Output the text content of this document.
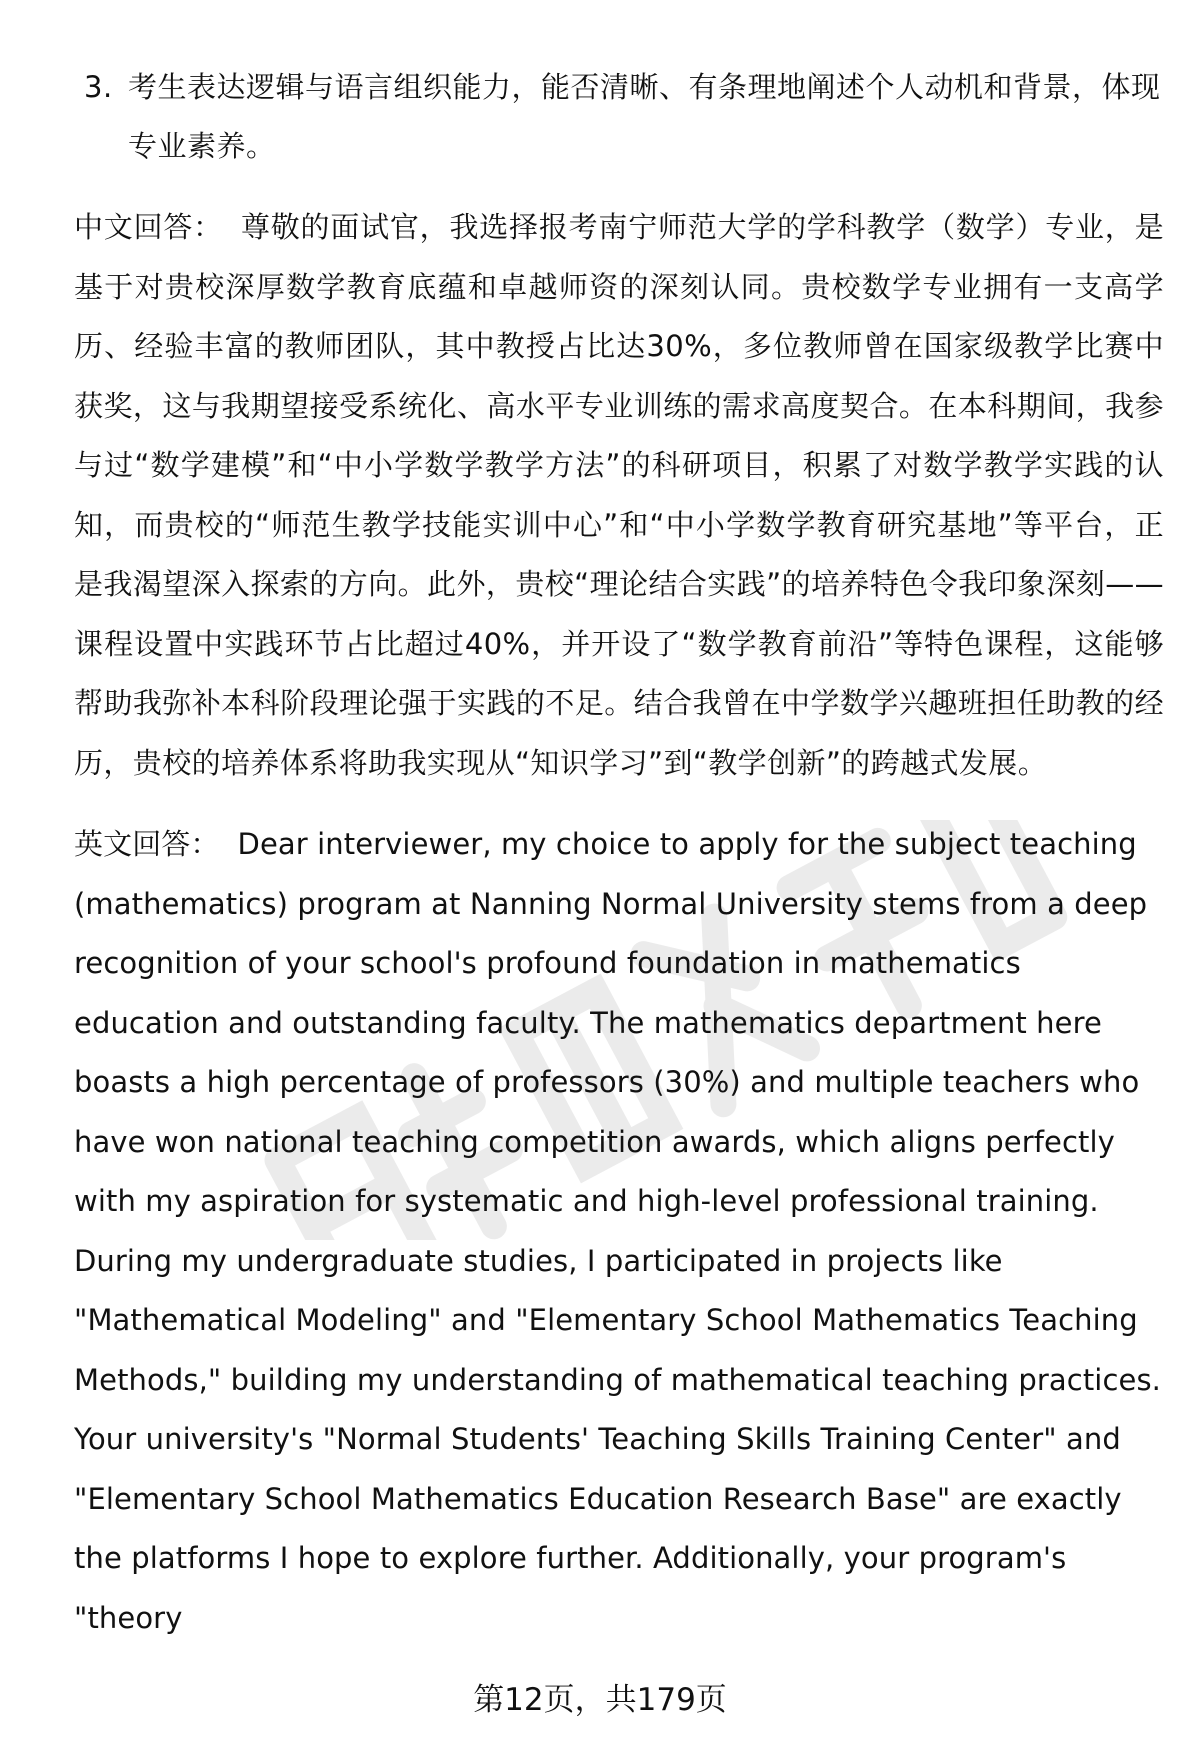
3. 考生表达逻辑与语言组织能力，能否清晰、有条理地阐述个人动机和背景，体现专业素养。
中文回答： 尊敬的面试官，我选择报考南宁师范大学的学科教学（数学）专业，是基于对贵校深厚数学教育底蕴和卓越师资的深刻认同。贵校数学专业拥有一支高学历、经验丰富的教师团队，其中教授占比达30%，多位教师曾在国家级教学比赛中获奖，这与我期望接受系统化、高水平专业训练的需求高度契合。在本科期间，我参与过“数学建模”和“中小学数学教学方法”的科研项目，积累了对数学教学实践的认知，而贵校的“师范生教学技能实训中心”和“中小学数学教育研究基地”等平台，正是我渴望深入探索的方向。此外，贵校“理论结合实践”的培养特色令我印象深刻——课程设置中实践环节占比超过40%，并开设了“数学教育前沿”等特色课程，这能够帮助我弥补本科阶段理论强于实践的不足。结合我曾在中学数学兴趣班担任助教的经历，贵校的培养体系将助我实现从“知识学习”到“教学创新”的跨越式发展。
英文回答： Dear interviewer, my choice to apply for the subject teaching (mathematics) program at Nanning Normal University stems from a deep recognition of your school's profound foundation in mathematics education and outstanding faculty. The mathematics department here boasts a high percentage of professors (30%) and multiple teachers who have won national teaching competition awards, which aligns perfectly with my aspiration for systematic and high-level professional training. During my undergraduate studies, I participated in projects like "Mathematical Modeling" and "Elementary School Mathematics Teaching Methods," building my understanding of mathematical teaching practices. Your university's "Normal Students' Teaching Skills Training Center" and "Elementary School Mathematics Education Research Base" are exactly the platforms I hope to explore further. Additionally, your program's "theory
第12页，共179页
